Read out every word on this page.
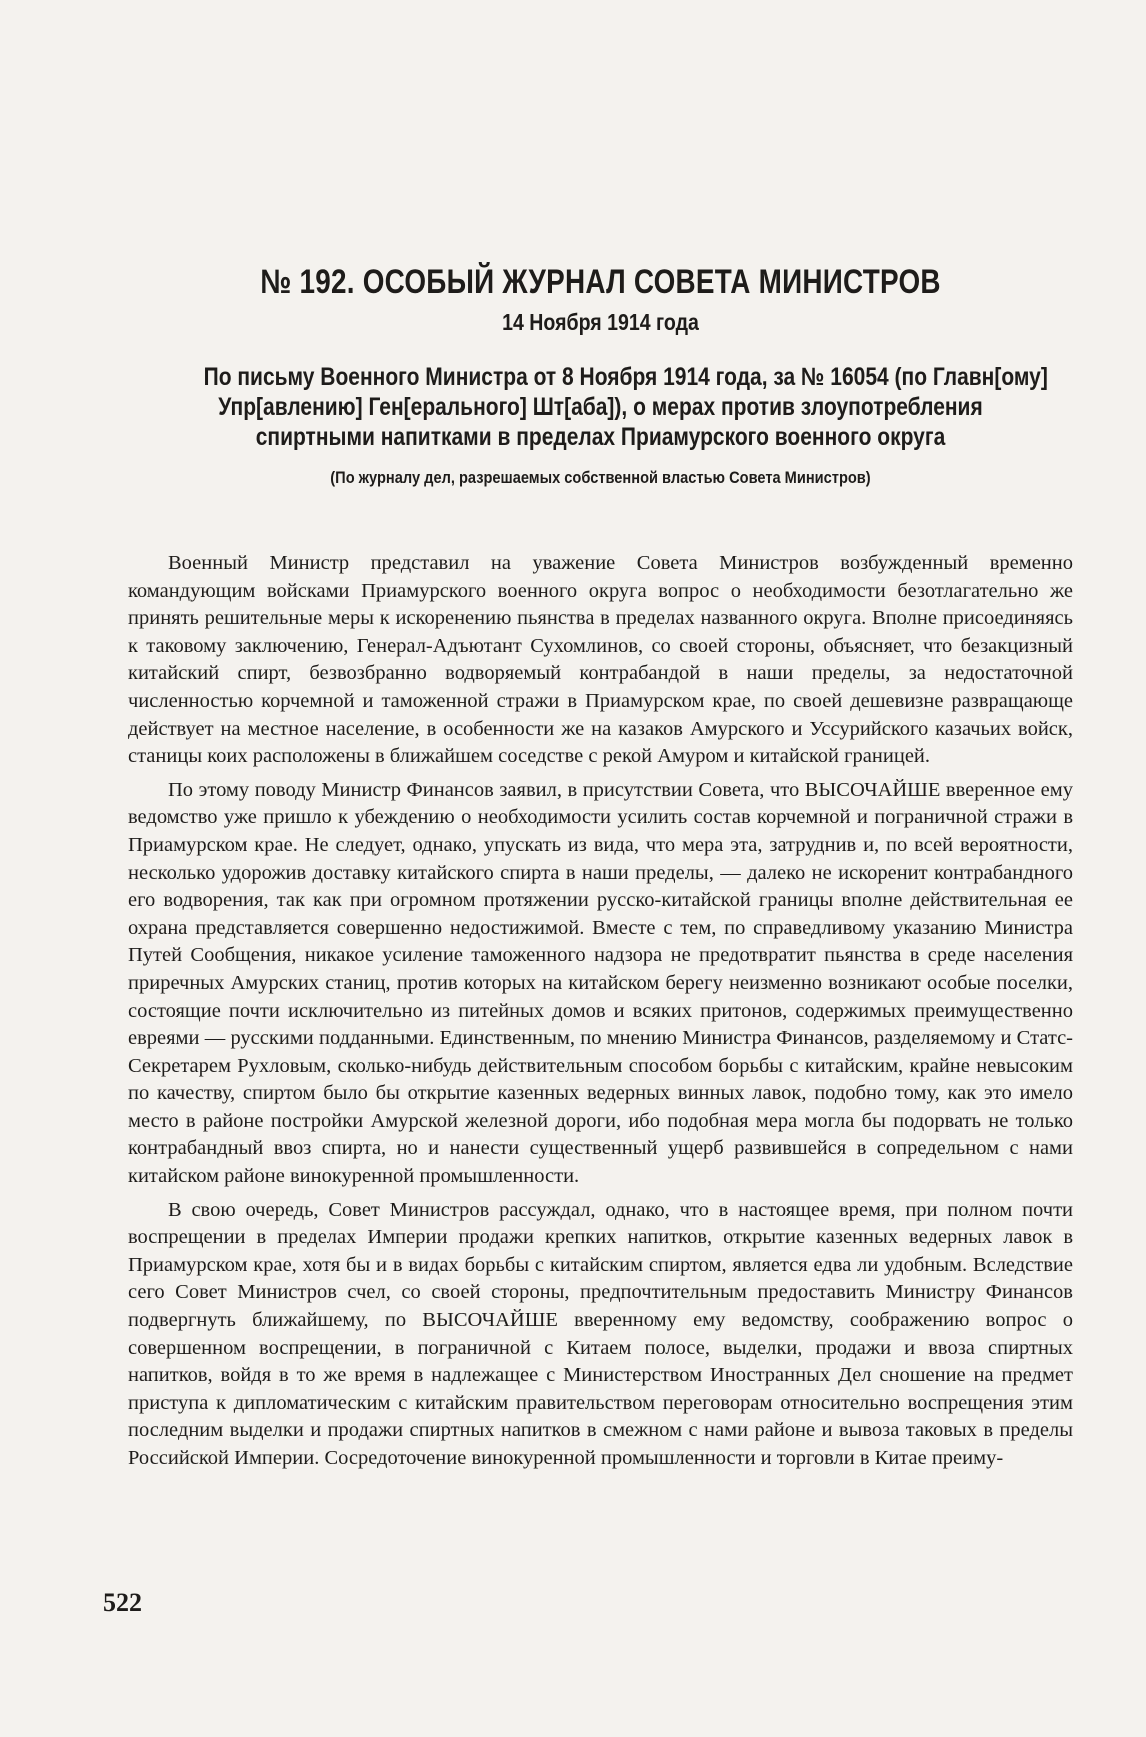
№ 192. ОСОБЫЙ ЖУРНАЛ СОВЕТА МИНИСТРОВ
14 Ноября 1914 года
По письму Военного Министра от 8 Ноября 1914 года, за № 16054 (по Главн[ому]
Упр[авлению] Ген[ерального] Шт[аба]), о мерах против злоупотребления
спиртными напитками в пределах Приамурского военного округа
(По журналу дел, разрешаемых собственной властью Совета Министров)

Военный Министр представил на уважение Совета Министров возбужденный временно командующим войсками Приамурского военного округа вопрос о необходимости безотлагательно же принять решительные меры к искоренению пьянства в пределах названного округа. Вполне присоединяясь к таковому заключению, Генерал-Адъютант Сухомлинов, со своей стороны, объясняет, что безакцизный китайский спирт, безвозбранно водворяемый контрабандой в наши пределы, за недостаточной численностью корчемной и таможенной стражи в Приамурском крае, по своей дешевизне развращающе действует на местное население, в особенности же на казаков Амурского и Уссурийского казачьих войск, станицы коих расположены в ближайшем соседстве с рекой Амуром и китайской границей.

По этому поводу Министр Финансов заявил, в присутствии Совета, что ВЫСОЧАЙШЕ вверенное ему ведомство уже пришло к убеждению о необходимости усилить состав корчемной и пограничной стражи в Приамурском крае. Не следует, однако, упускать из вида, что мера эта, затруднив и, по всей вероятности, несколько удорожив доставку китайского спирта в наши пределы, — далеко не искоренит контрабандного его водворения, так как при огромном протяжении русско-китайской границы вполне действительная ее охрана представляется совершенно недостижимой. Вместе с тем, по справедливому указанию Министра Путей Сообщения, никакое усиление таможенного надзора не предотвратит пьянства в среде населения приречных Амурских станиц, против которых на китайском берегу неизменно возникают особые поселки, состоящие почти исключительно из питейных домов и всяких притонов, содержимых преимущественно евреями — русскими подданными. Единственным, по мнению Министра Финансов, разделяемому и Статс-Секретарем Рухловым, сколько-нибудь действительным способом борьбы с китайским, крайне невысоким по качеству, спиртом было бы открытие казенных ведерных винных лавок, подобно тому, как это имело место в районе постройки Амурской железной дороги, ибо подобная мера могла бы подорвать не только контрабандный ввоз спирта, но и нанести существенный ущерб развившейся в сопредельном с нами китайском районе винокуренной промышленности.

В свою очередь, Совет Министров рассуждал, однако, что в настоящее время, при полном почти воспрещении в пределах Империи продажи крепких напитков, открытие казенных ведерных лавок в Приамурском крае, хотя бы и в видах борьбы с китайским спиртом, является едва ли удобным. Вследствие сего Совет Министров счел, со своей стороны, предпочтительным предоставить Министру Финансов подвергнуть ближайшему, по ВЫСОЧАЙШЕ вверенному ему ведомству, соображению вопрос о совершенном воспрещении, в пограничной с Китаем полосе, выделки, продажи и ввоза спиртных напитков, войдя в то же время в надлежащее с Министерством Иностранных Дел сношение на предмет приступа к дипломатическим с китайским правительством переговорам относительно воспрещения этим последним выделки и продажи спиртных напитков в смежном с нами районе и вывоза таковых в пределы Российской Империи. Сосредоточение винокуренной промышленности и торговли в Китае преиму-

522
